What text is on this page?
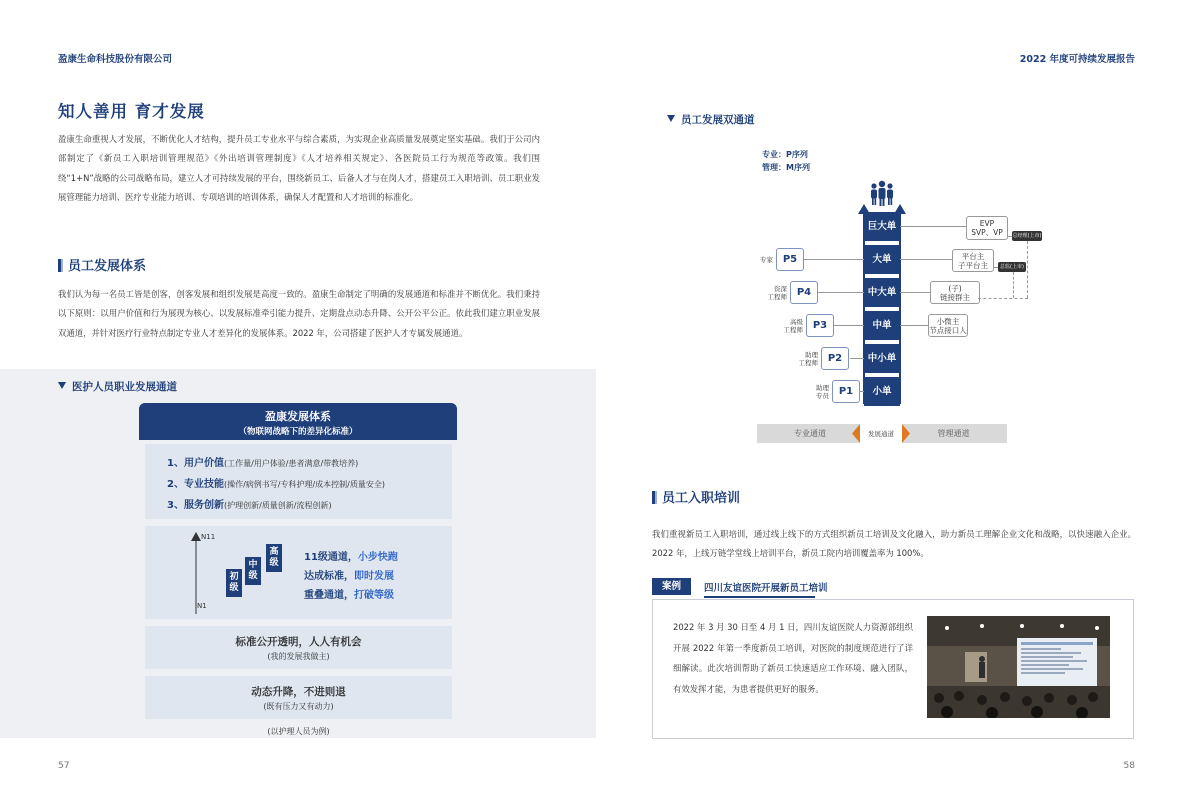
盈康生命科技股份有限公司	2022 年度可持续发展报告
知人善用 育才发展
盈康生命重视人才发展，不断优化人才结构，提升员工专业水平与综合素质，为实现企业高质量发展奠定坚实基础。我们于公司内部制定了《新员工入职培训管理规范》《外出培训管理制度》《人才培养相关规定》、各医院员工行为规范等政策。我们围绕“1+N”战略的公司战略布局，建立人才可持续发展的平台，围绕新员工、后备人才与在岗人才，搭建员工入职培训、员工职业发展管理能力培训、医疗专业能力培训、专项培训的培训体系，确保人才配置和人才培训的标准化。
员工发展体系
我们认为每一名员工皆是创客，创客发展和组织发展是高度一致的。盈康生命制定了明确的发展通道和标准并不断优化。我们秉持以下原则：以用户价值和行为展现为核心、以发展标准牵引能力提升、定期盘点动态升降、公开公平公正。依此我们建立职业发展双通道，并针对医疗行业特点制定专业人才差异化的发展体系。2022 年，公司搭建了医护人才专属发展通道。
医护人员职业发展通道
盈康发展体系
（物联网战略下的差异化标准）
1、用户价值(工作量/用户体验/患者满意/带教培养)
2、专业技能(操作/病例书写/专科护理/成本控制/质量安全)
3、服务创新(护理创新/质量创新/流程创新)
N11
N1
初级
中级
高级	11级通道，小步快跑
达成标准，即时发展
重叠通道，打破等级
标准公开透明，人人有机会
(我的发展我做主)
动态升降，不进则退
(既有压力又有动力)
(以护理人员为例)
57
员工发展双通道
专业：P序列
管理：M序列
巨大单
大单
中大单
中单
中小单
小单
P5
P4
P3
P2
P1
专家
资深
工程师
高级
工程师
助理
工程师
助理
专员
EVP
SVP、VP
平台主
子平台主
(子)
链接群主
小微主
节点接口人
总经理(上市)
总监(上市)
专业通道	管理通道
发展通道
员工入职培训
我们重视新员工入职培训，通过线上线下的方式组织新员工培训及文化融入，助力新员工理解企业文化和战略，以快速融入企业。2022 年，上线万链学堂线上培训平台，新员工院内培训覆盖率为 100%。
案例	四川友谊医院开展新员工培训
2022 年 3 月 30 日至 4 月 1 日，四川友谊医院人力资源部组织开展 2022 年第一季度新员工培训，对医院的制度规范进行了详细解读。此次培训帮助了新员工快速适应工作环境、融入团队，有效发挥才能，为患者提供更好的服务。
58
